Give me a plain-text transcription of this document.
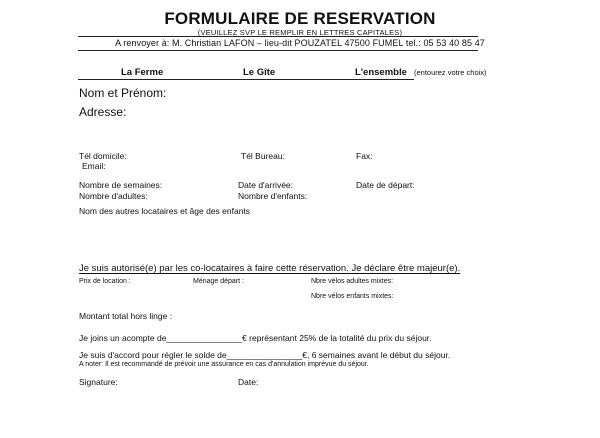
FORMULAIRE DE RESERVATION
(VEUILLEZ SVP LE REMPLIR EN LETTRES CAPITALES)
A renvoyer à: M. Christian LAFON – lieu-dit POUZATEL 47500 FUMEL tel.: 05 53 40 85 47
La Ferme	Le Gîte	L'ensemble (entourez votre choix)
Nom et Prénom:
Adresse:
Tél domicile:	Tél Bureau:	Fax:
Email:
Nombre de semaines:	Date d'arrivée:	Date de départ:
Nombre d'adultes:	Nombre d'enfants:
Nom des autres locataires et âge des enfants
Je suis autorisé(e) par les co-locataires à faire cette réservation. Je déclare être majeur(e).
Prix de location :	Ménage départ :	Nbre vélos adultes mixtes:
Nbre vélos enfants mixtes:
Montant total hors linge :
Je joins un acompte de________________€ représentant 25% de la totalité du prix du séjour.
Je suis d'accord pour régler le solde de________________€, 6 semaines avant le début du séjour.
A noter: Il est recommandé de prévoir une assurance en cas d'annulation imprévue du séjour.
Signature:	Date:
